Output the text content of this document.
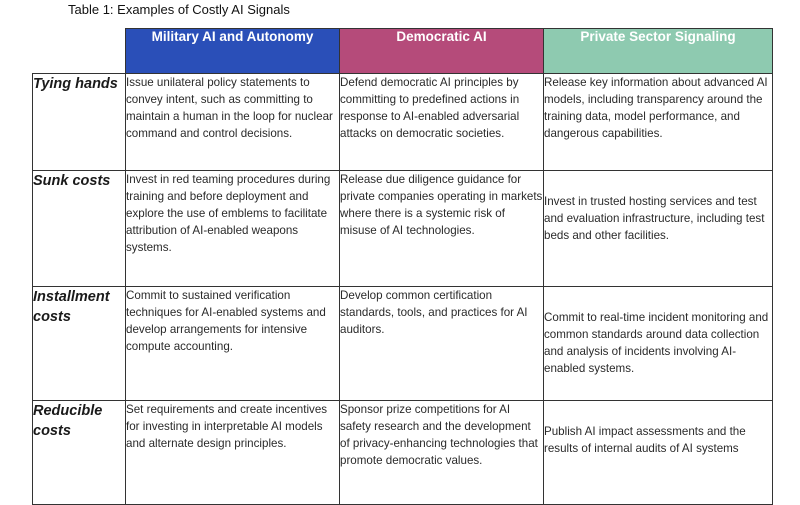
Table 1: Examples of Costly AI Signals
	Military AI and Autonomy	Democratic AI	Private Sector Signaling
Tying hands	Issue unilateral policy statements to convey intent, such as committing to maintain a human in the loop for nuclear command and control decisions.	Defend democratic AI principles by committing to predefined actions in response to AI-enabled adversarial attacks on democratic societies.	Release key information about advanced AI models, including transparency around the training data, model performance, and dangerous capabilities.
Sunk costs	Invest in red teaming procedures during training and before deployment and explore the use of emblems to facilitate attribution of AI-enabled weapons systems.	Release due diligence guidance for private companies operating in markets where there is a systemic risk of misuse of AI technologies.	Invest in trusted hosting services and test and evaluation infrastructure, including test beds and other facilities.
Installment costs	Commit to sustained verification techniques for AI-enabled systems and develop arrangements for intensive compute accounting.	Develop common certification standards, tools, and practices for AI auditors.	Commit to real-time incident monitoring and common standards around data collection and analysis of incidents involving AI-enabled systems.
Reducible costs	Set requirements and create incentives for investing in interpretable AI models and alternate design principles.	Sponsor prize competitions for AI safety research and the development of privacy-enhancing technologies that promote democratic values.	Publish AI impact assessments and the results of internal audits of AI systems
